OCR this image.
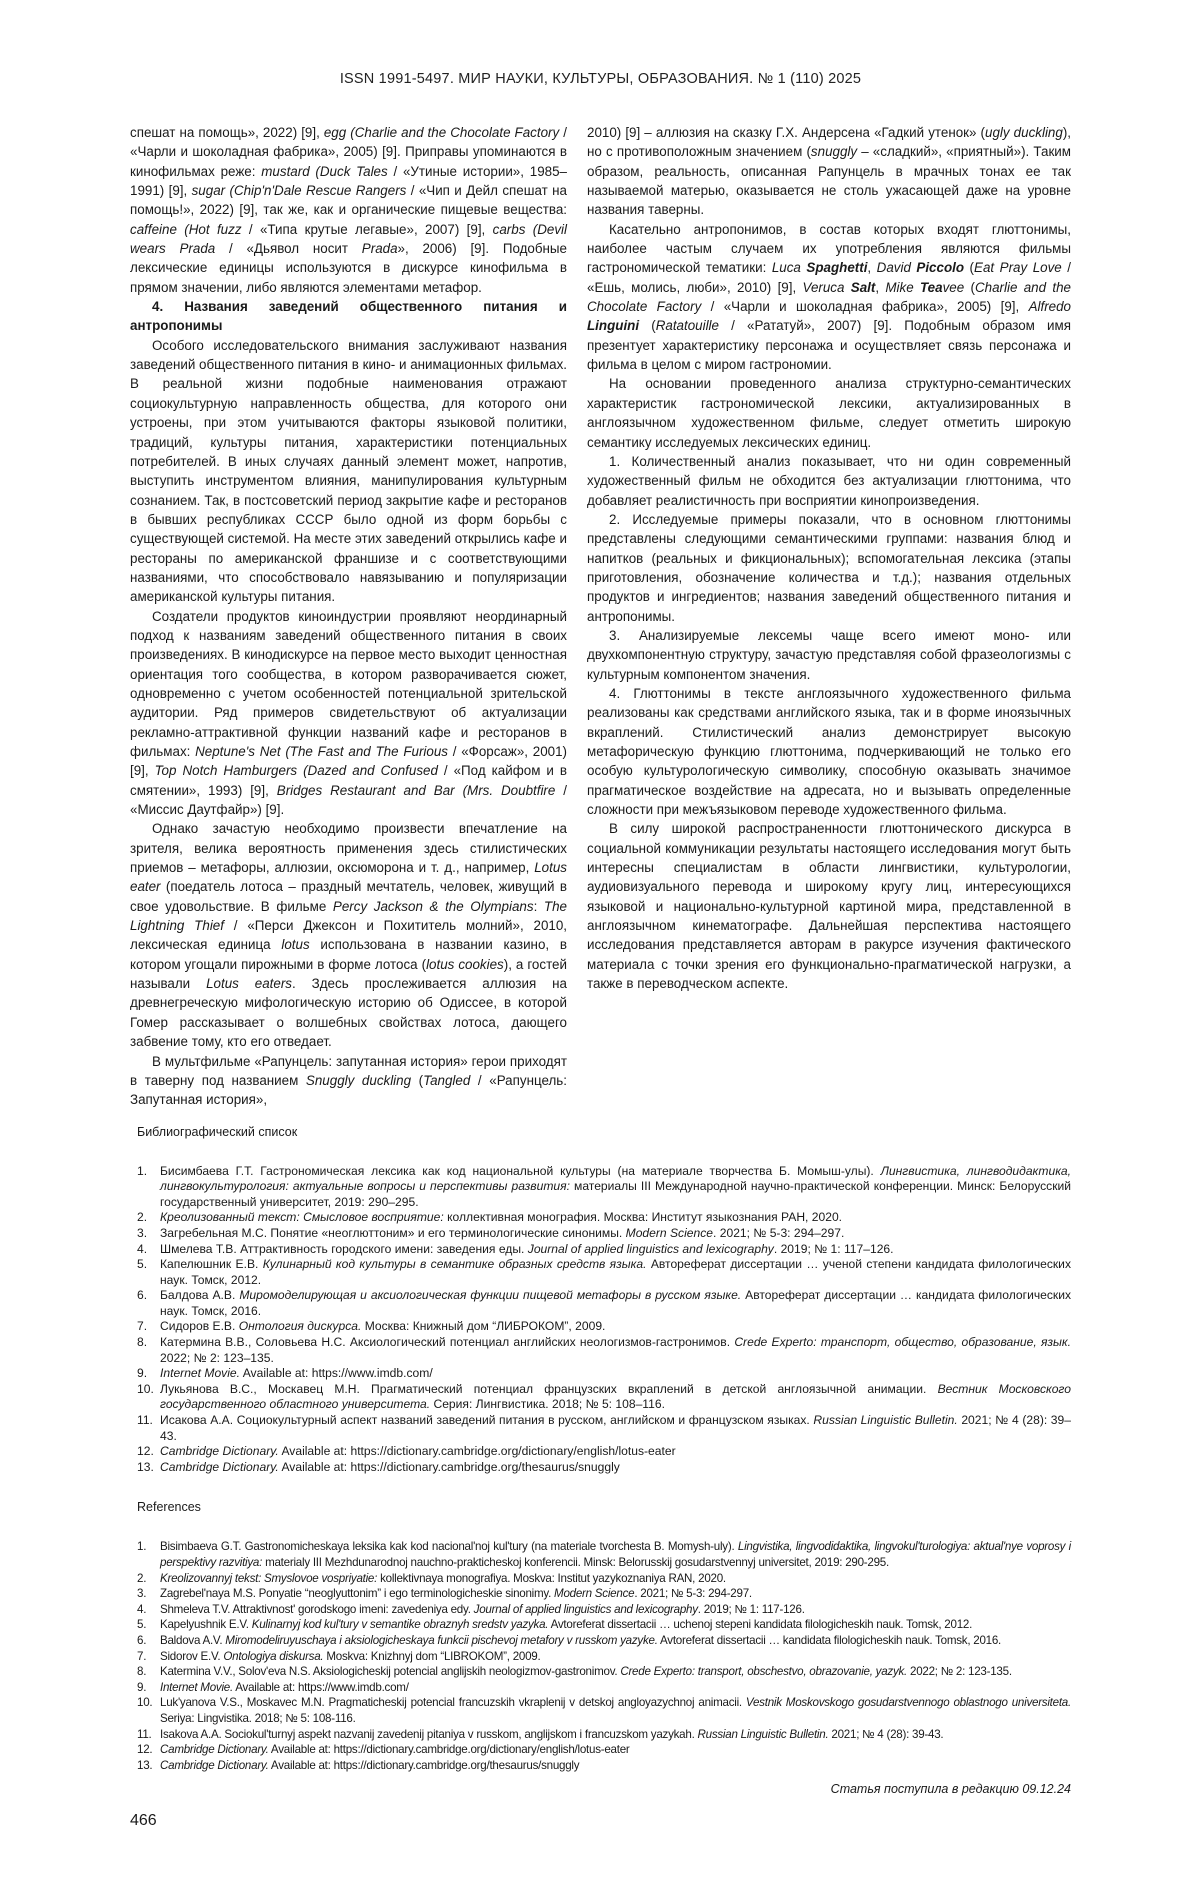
ISSN 1991-5497. МИР НАУКИ, КУЛЬТУРЫ, ОБРАЗОВАНИЯ. № 1 (110) 2025

спешат на помощь», 2022) [9], egg (Charlie and the Chocolate Factory / «Чарли и шоколадная фабрика», 2005) [9]. Приправы упоминаются в кинофильмах реже: mustard (Duck Tales / «Утиные истории», 1985–1991) [9], sugar (Chip'n'Dale Rescue Rangers / «Чип и Дейл спешат на помощь!», 2022) [9], так же, как и органические пищевые вещества: caffeine (Hot fuzz / «Типа крутые легавые», 2007) [9], carbs (Devil wears Prada / «Дьявол носит Prada», 2006) [9]. Подобные лексические единицы используются в дискурсе кинофильма в прямом значении, либо являются элементами метафор.

4. Названия заведений общественного питания и антропонимы

Особого исследовательского внимания заслуживают названия заведений общественного питания в кино- и анимационных фильмах. В реальной жизни подобные наименования отражают социокультурную направленность общества, для которого они устроены, при этом учитываются факторы языковой политики, традиций, культуры питания, характеристики потенциальных потребителей. В иных случаях данный элемент может, напротив, выступить инструментом влияния, манипулирования культурным сознанием. Так, в постсоветский период закрытие кафе и ресторанов в бывших республиках СССР было одной из форм борьбы с существующей системой. На месте этих заведений открылись кафе и рестораны по американской франшизе и с соответствующими названиями, что способствовало навязыванию и популяризации американской культуры питания.

Создатели продуктов киноиндустрии проявляют неординарный подход к названиям заведений общественного питания в своих произведениях. В кинодискурсе на первое место выходит ценностная ориентация того сообщества, в котором разворачивается сюжет, одновременно с учетом особенностей потенциальной зрительской аудитории. Ряд примеров свидетельствуют об актуализации рекламно-аттрактивной функции названий кафе и ресторанов в фильмах: Neptune's Net (The Fast and The Furious / «Форсаж», 2001) [9], Top Notch Hamburgers (Dazed and Confused / «Под кайфом и в смятении», 1993) [9], Bridges Restaurant and Bar (Mrs. Doubtfire / «Миссис Даутфайр») [9].

Однако зачастую необходимо произвести впечатление на зрителя, велика вероятность применения здесь стилистических приемов – метафоры, аллюзии, оксюморона и т. д., например, Lotus eater (поедатель лотоса – праздный мечтатель, человек, живущий в свое удовольствие. В фильме Percy Jackson & the Olympians: The Lightning Thief / «Перси Джексон и Похититель молний», 2010, лексическая единица lotus использована в названии казино, в котором угощали пирожными в форме лотоса (lotus cookies), а гостей называли Lotus eaters. Здесь прослеживается аллюзия на древнегреческую мифологическую историю об Одиссее, в которой Гомер рассказывает о волшебных свойствах лотоса, дающего забвение тому, кто его отведает.

В мультфильме «Рапунцель: запутанная история» герои приходят в таверну под названием Snuggly duckling (Tangled / «Рапунцель: Запутанная история»,

2010) [9] – аллюзия на сказку Г.Х. Андерсена «Гадкий утенок» (ugly duckling), но с противоположным значением (snuggly – «сладкий», «приятный»). Таким образом, реальность, описанная Рапунцель в мрачных тонах ее так называемой матерью, оказывается не столь ужасающей даже на уровне названия таверны.

Касательно антропонимов, в состав которых входят глюттонимы, наиболее частым случаем их употребления являются фильмы гастрономической тематики: Luca Spaghetti, David Piccolo (Eat Pray Love / «Ешь, молись, люби», 2010) [9], Veruca Salt, Mike Teavee (Charlie and the Chocolate Factory / «Чарли и шоколадная фабрика», 2005) [9], Alfredo Linguini (Ratatouille / «Рататуй», 2007) [9]. Подобным образом имя презентует характеристику персонажа и осуществляет связь персонажа и фильма в целом с миром гастрономии.

На основании проведенного анализа структурно-семантических характеристик гастрономической лексики, актуализированных в англоязычном художественном фильме, следует отметить широкую семантику исследуемых лексических единиц.

1. Количественный анализ показывает, что ни один современный художественный фильм не обходится без актуализации глюттонима, что добавляет реалистичность при восприятии кинопроизведения.

2. Исследуемые примеры показали, что в основном глюттонимы представлены следующими семантическими группами: названия блюд и напитков (реальных и фикциональных); вспомогательная лексика (этапы приготовления, обозначение количества и т.д.); названия отдельных продуктов и ингредиентов; названия заведений общественного питания и антропонимы.

3. Анализируемые лексемы чаще всего имеют моно- или двухкомпонентную структуру, зачастую представляя собой фразеологизмы с культурным компонентом значения.

4. Глюттонимы в тексте англоязычного художественного фильма реализованы как средствами английского языка, так и в форме иноязычных вкраплений. Стилистический анализ демонстрирует высокую метафорическую функцию глюттонима, подчеркивающий не только его особую культурологическую символику, способную оказывать значимое прагматическое воздействие на адресата, но и вызывать определенные сложности при межъязыковом переводе художественного фильма.

В силу широкой распространенности глюттонического дискурса в социальной коммуникации результаты настоящего исследования могут быть интересны специалистам в области лингвистики, культурологии, аудиовизуального перевода и широкому кругу лиц, интересующихся языковой и национально-культурной картиной мира, представленной в англоязычном кинематографе. Дальнейшая перспектива настоящего исследования представляется авторам в ракурсе изучения фактического материала с точки зрения его функционально-прагматической нагрузки, а также в переводческом аспекте.

Библиографический список
1. Бисимбаева Г.Т. Гастрономическая лексика как код национальной культуры (на материале творчества Б. Момыш-улы). Лингвистика, лингводидактика, лингвокультурология: актуальные вопросы и перспективы развития: материалы III Международной научно-практической конференции. Минск: Белорусский государственный университет, 2019: 290–295.
2. Креолизованный текст: Смысловое восприятие: коллективная монография. Москва: Институт языкознания РАН, 2020.
3. Загребельная М.С. Понятие «неоглюттоним» и его терминологические синонимы. Modern Science. 2021; № 5-3: 294–297.
4. Шмелева Т.В. Аттрактивность городского имени: заведения еды. Journal of applied linguistics and lexicography. 2019; № 1: 117–126.
5. Капелюшник Е.В. Кулинарный код культуры в семантике образных средств языка. Автореферат диссертации … ученой степени кандидата филологических наук. Томск, 2012.
6. Балдова А.В. Миромоделирующая и аксиологическая функции пищевой метафоры в русском языке. Автореферат диссертации … кандидата филологических наук. Томск, 2016.
7. Сидоров Е.В. Онтология дискурса. Москва: Книжный дом “ЛИБРОКОМ”, 2009.
8. Катермина В.В., Соловьева Н.С. Аксиологический потенциал английских неологизмов-гастронимов. Crede Experto: транспорт, общество, образование, язык. 2022; № 2: 123–135.
9. Internet Movie. Available at: https://www.imdb.com/
10. Лукьянова В.С., Москавец М.Н. Прагматический потенциал французских вкраплений в детской англоязычной анимации. Вестник Московского государственного областного университета. Серия: Лингвистика. 2018; № 5: 108–116.
11. Исакова А.А. Социокультурный аспект названий заведений питания в русском, английском и французском языках. Russian Linguistic Bulletin. 2021; № 4 (28): 39–43.
12. Cambridge Dictionary. Available at: https://dictionary.cambridge.org/dictionary/english/lotus-eater
13. Cambridge Dictionary. Available at: https://dictionary.cambridge.org/thesaurus/snuggly
References
1. Bisimbaeva G.T. Gastronomicheskaya leksika kak kod nacional'noj kul'tury (na materiale tvorchesta B. Momysh-uly). Lingvistika, lingvodidaktika, lingvokul'turologiya: aktual'nye voprosy i perspektivy razvitiya: materialy III Mezhdunarodnoj nauchno-prakticheskoj konferencii. Minsk: Belorusskij gosudarstvennyj universitet, 2019: 290-295.
2. Kreolizovannyj tekst: Smyslovoe vospriyatie: kollektivnaya monografiya. Moskva: Institut yazykoznaniya RAN, 2020.
3. Zagrebel'naya M.S. Ponyatie “neoglyuttonim” i ego terminologicheskie sinonimy. Modern Science. 2021; № 5-3: 294-297.
4. Shmeleva T.V. Attraktivnost' gorodskogo imeni: zavedeniya edy. Journal of applied linguistics and lexicography. 2019; № 1: 117-126.
5. Kapelyushnik E.V. Kulinarnyj kod kul'tury v semantike obraznyh sredstv yazyka. Avtoreferat dissertacii … uchenoj stepeni kandidata filologicheskih nauk. Tomsk, 2012.
6. Baldova A.V. Miromodeliruyuschaya i aksiologicheskaya funkcii pischevoj metafory v russkom yazyke. Avtoreferat dissertacii … kandidata filologicheskih nauk. Tomsk, 2016.
7. Sidorov E.V. Ontologiya diskursa. Moskva: Knizhnyj dom “LIBROKOM”, 2009.
8. Katermina V.V., Solov'eva N.S. Aksiologicheskij potencial anglijskih neologizmov-gastronimov. Crede Experto: transport, obschestvo, obrazovanie, yazyk. 2022; № 2: 123-135.
9. Internet Movie. Available at: https://www.imdb.com/
10. Luk'yanova V.S., Moskavec M.N. Pragmaticheskij potencial francuzskih vkraplenij v detskoj angloyazychnoj animacii. Vestnik Moskovskogo gosudarstvennogo oblastnogo universiteta. Seriya: Lingvistika. 2018; № 5: 108-116.
11. Isakova A.A. Sociokul'turnyj aspekt nazvanij zavedenij pitaniya v russkom, anglijskom i francuzskom yazykah. Russian Linguistic Bulletin. 2021; № 4 (28): 39-43.
12. Cambridge Dictionary. Available at: https://dictionary.cambridge.org/dictionary/english/lotus-eater
13. Cambridge Dictionary. Available at: https://dictionary.cambridge.org/thesaurus/snuggly
Статья поступила в редакцию 09.12.24
466
